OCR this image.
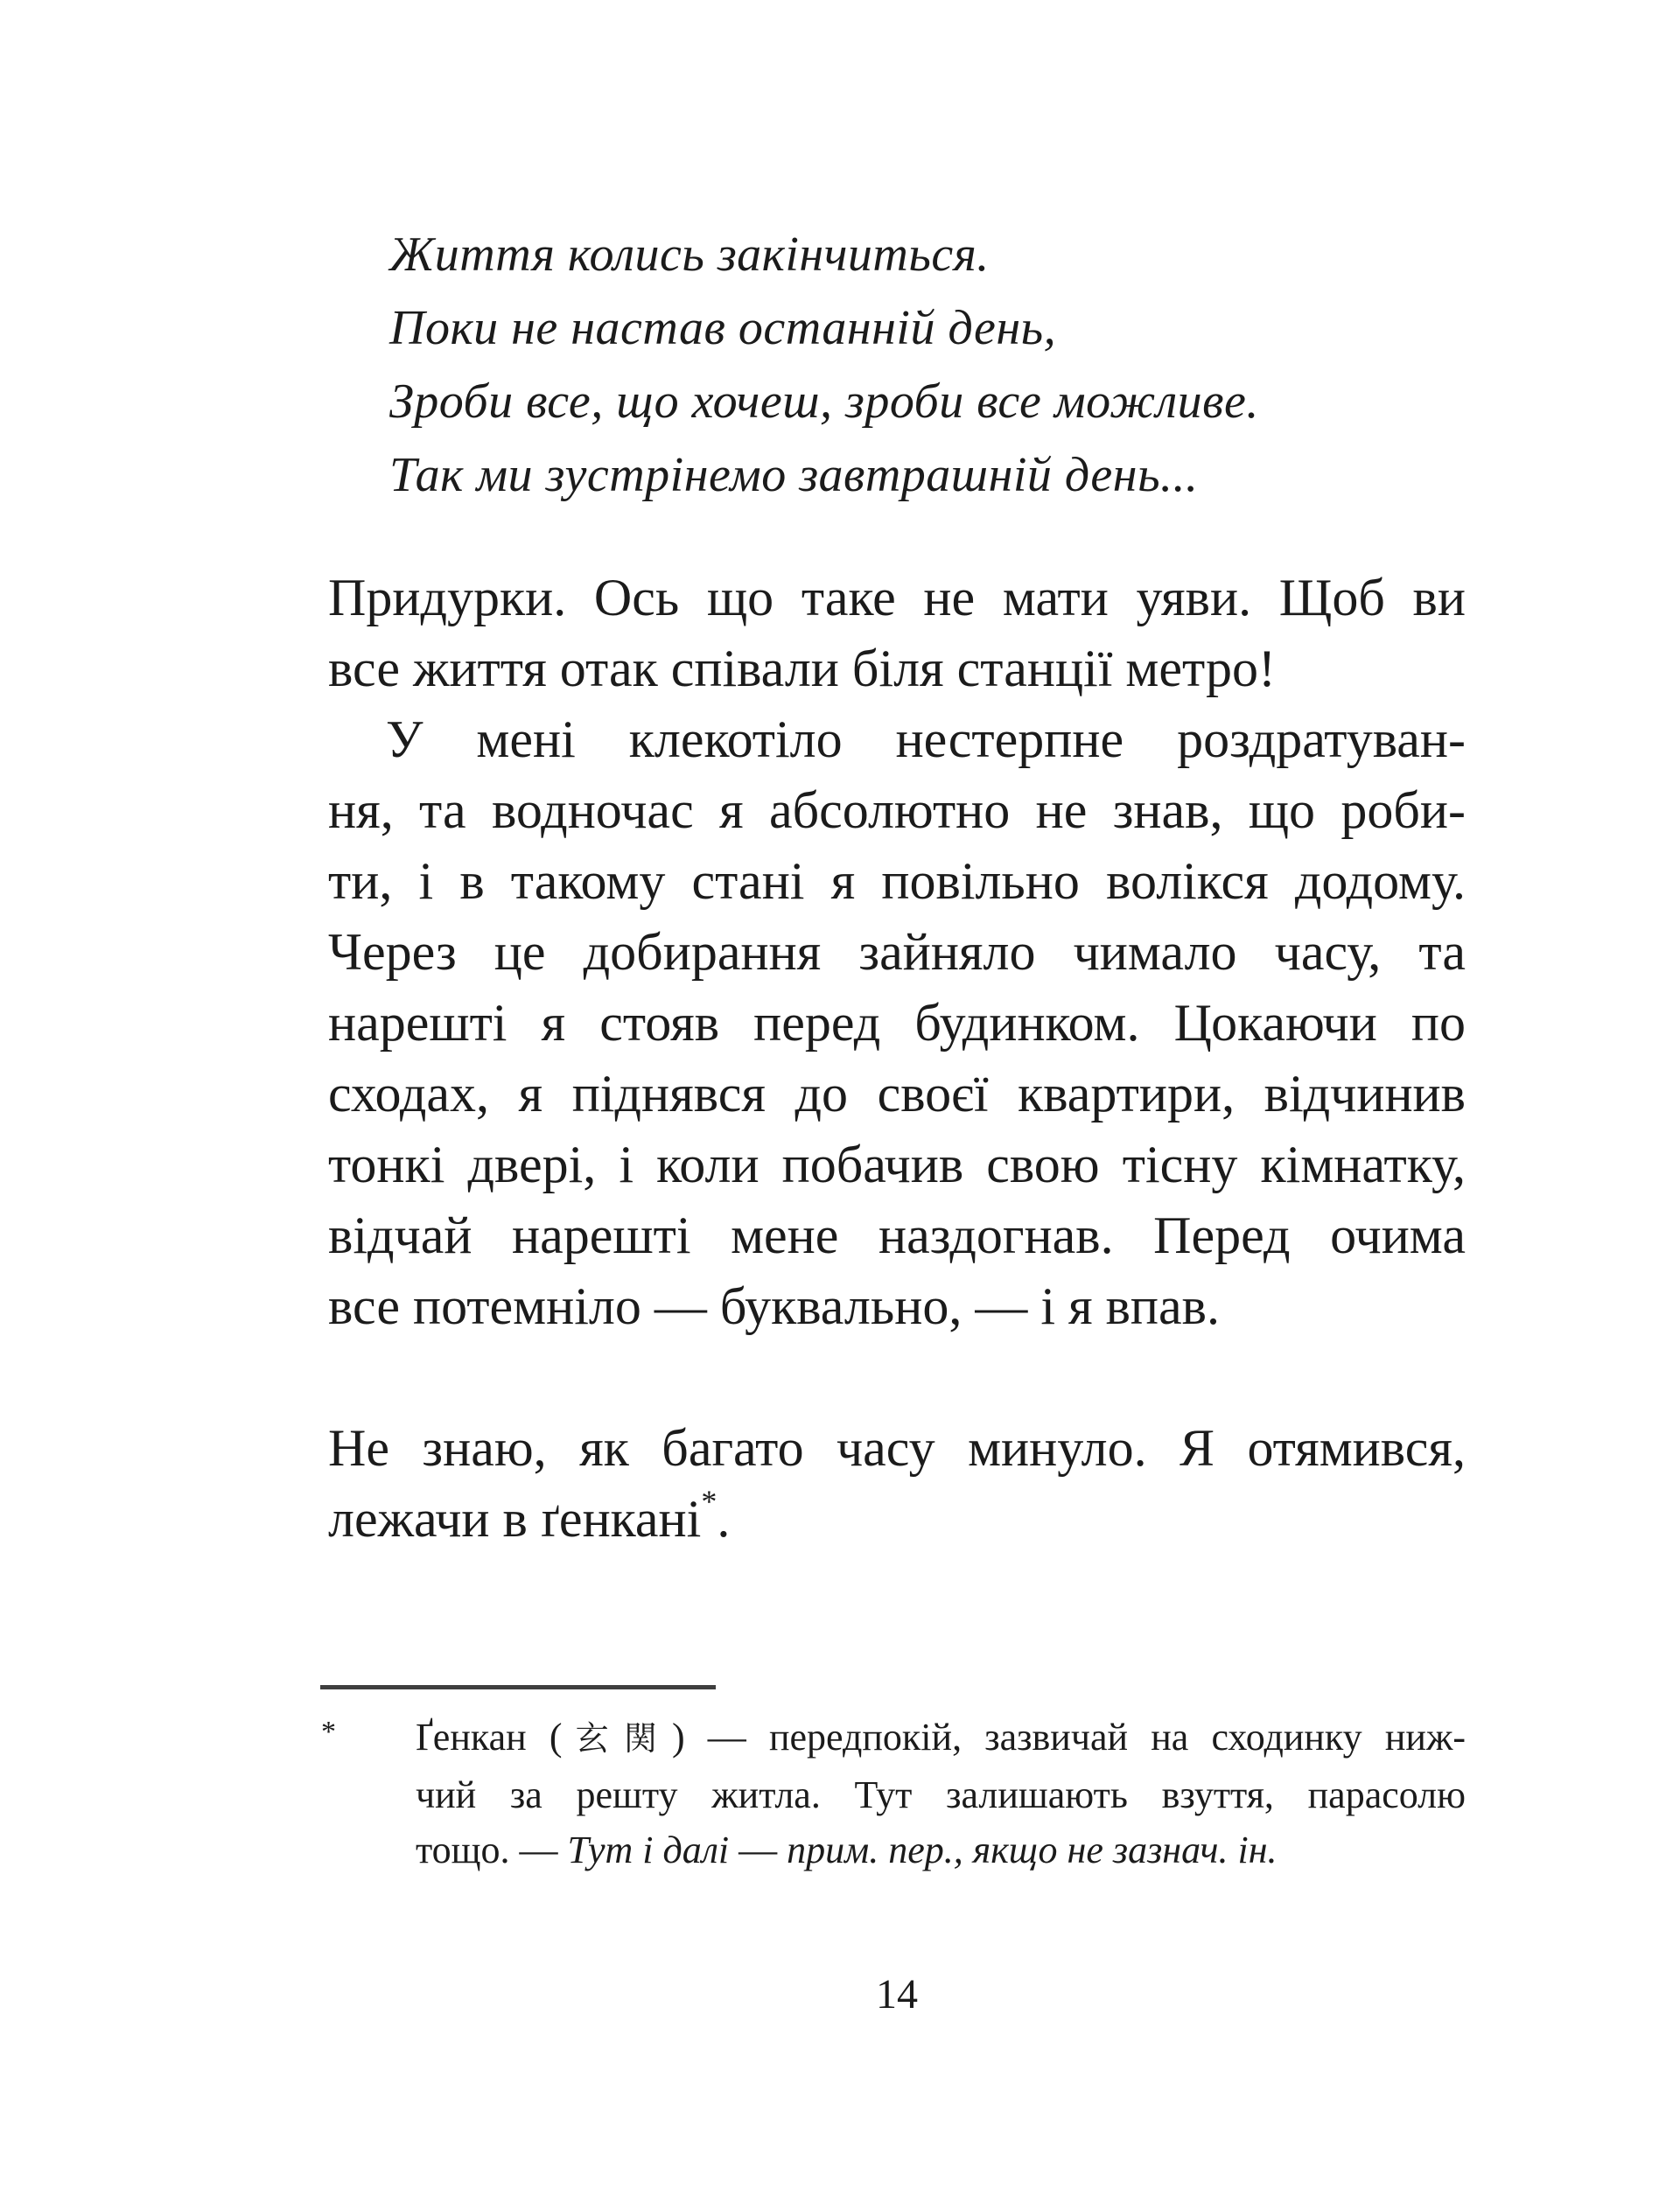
Життя колись закінчиться.
Поки не настав останній день,
Зроби все, що хочеш, зроби все можливе.
Так ми зустрінемо завтрашній день...
Придурки. Ось що таке не мати уяви. Щоб ви
все життя отак співали біля станції метро!
У мені клекотіло нестерпне роздратуван-
ня, та водночас я абсолютно не знав, що роби-
ти, і в такому стані я повільно волікся додому.
Через це добирання зайняло чимало часу, та
нарешті я стояв перед будинком. Цокаючи по
сходах, я піднявся до своєї квартири, відчинив
тонкі двері, і коли побачив свою тісну кімнатку,
відчай нарешті мене наздогнав. Перед очима
все потемніло — буквально, — і я впав.
Не знаю, як багато часу минуло. Я отямився,
лежачи в ґенкані*.
* Ґенкан (玄関) — передпокій, зазвичай на сходинку ниж-
чий за решту житла. Тут залишають взуття, парасолю
тощо. — Тут і далі — прим. пер., якщо не зазнач. ін.
14
